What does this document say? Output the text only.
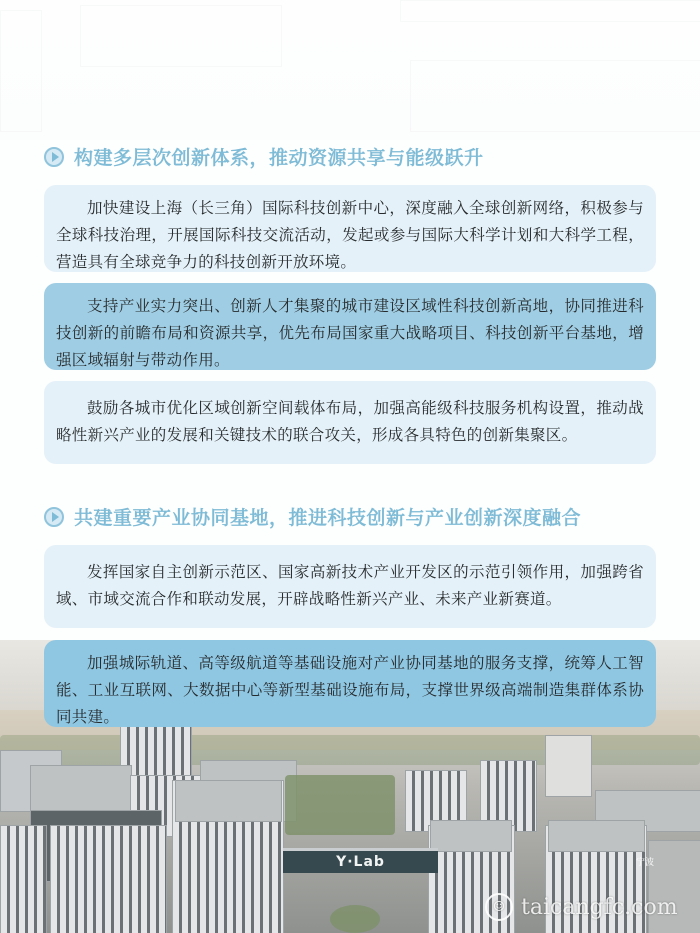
Y·Lab	宁波
构建多层次创新体系，推动资源共享与能级跃升
加快建设上海（长三角）国际科技创新中心，深度融入全球创新网络，积极参与全球科技治理，开展国际科技交流活动，发起或参与国际大科学计划和大科学工程，营造具有全球竞争力的科技创新开放环境。
支持产业实力突出、创新人才集聚的城市建设区域性科技创新高地，协同推进科技创新的前瞻布局和资源共享，优先布局国家重大战略项目、科技创新平台基地，增强区域辐射与带动作用。
鼓励各城市优化区域创新空间载体布局，加强高能级科技服务机构设置，推动战略性新兴产业的发展和关键技术的联合攻关，形成各具特色的创新集聚区。
共建重要产业协同基地，推进科技创新与产业创新深度融合
发挥国家自主创新示范区、国家高新技术产业开发区的示范引领作用，加强跨省域、市域交流合作和联动发展，开辟战略性新兴产业、未来产业新赛道。
加强城际轨道、高等级航道等基础设施对产业协同基地的服务支撑，统筹人工智能、工业互联网、大数据中心等新型基础设施布局，支撑世界级高端制造集群体系协同共建。
☺ taicangfc.com
